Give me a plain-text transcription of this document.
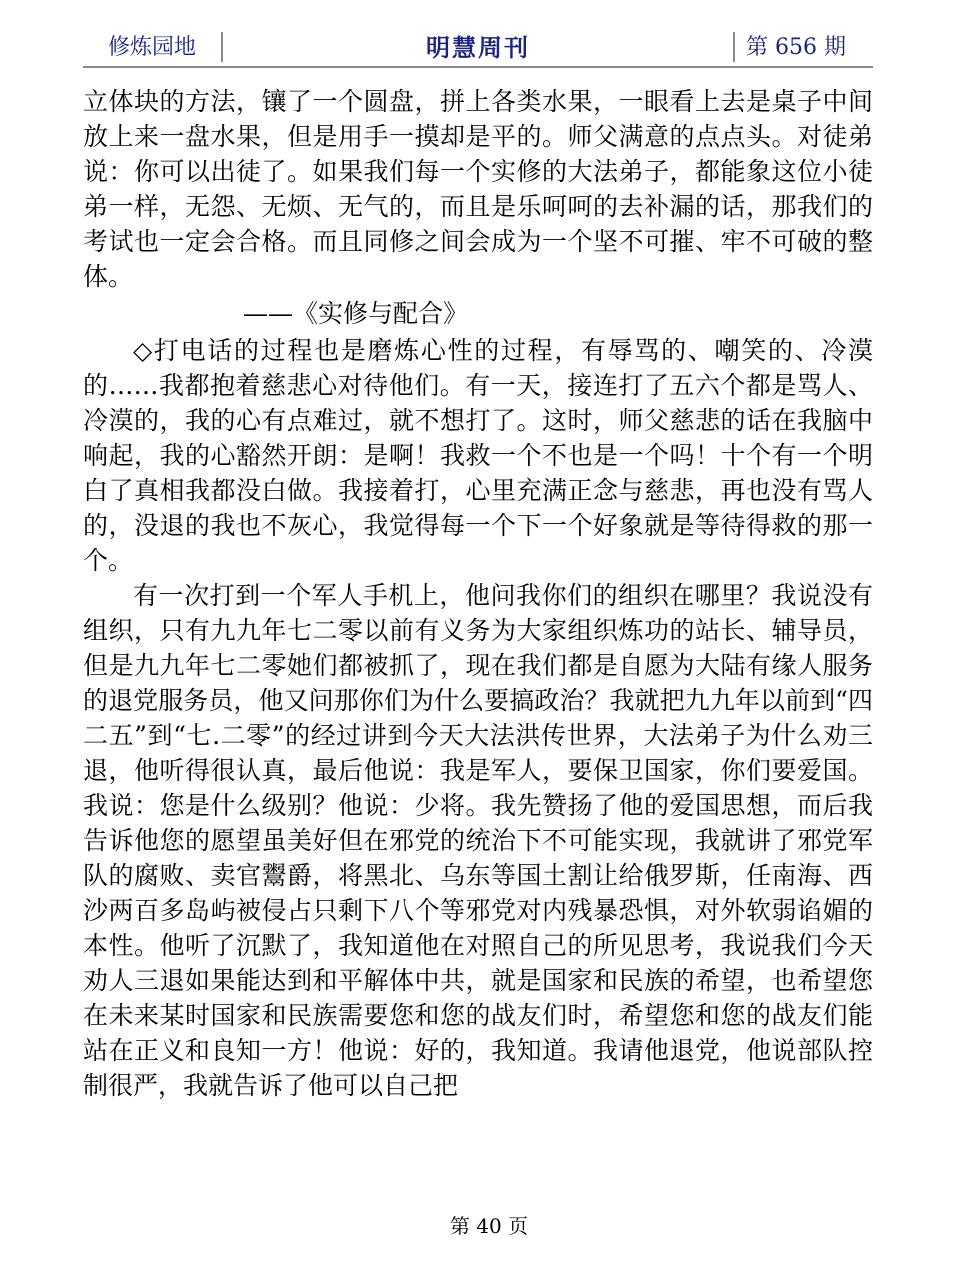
修炼园地	明慧周刊	第 656 期

立体块的方法，镶了一个圆盘，拼上各类水果，一眼看上去是桌子中间放上来一盘水果，但是用手一摸却是平的。师父满意的点点头。对徒弟说：你可以出徒了。如果我们每一个实修的大法弟子，都能象这位小徒弟一样，无怨、无烦、无气的，而且是乐呵呵的去补漏的话，那我们的考试也一定会合格。而且同修之间会成为一个坚不可摧、牢不可破的整体。

——《实修与配合》

◇打电话的过程也是磨炼心性的过程，有辱骂的、嘲笑的、冷漠的……我都抱着慈悲心对待他们。有一天，接连打了五六个都是骂人、冷漠的，我的心有点难过，就不想打了。这时，师父慈悲的话在我脑中响起，我的心豁然开朗：是啊！我救一个不也是一个吗！十个有一个明白了真相我都没白做。我接着打，心里充满正念与慈悲，再也没有骂人的，没退的我也不灰心，我觉得每一个下一个好象就是等待得救的那一个。

有一次打到一个军人手机上，他问我你们的组织在哪里？我说没有组织，只有九九年七二零以前有义务为大家组织炼功的站长、辅导员，但是九九年七二零她们都被抓了，现在我们都是自愿为大陆有缘人服务的退党服务员，他又问那你们为什么要搞政治？我就把九九年以前到“四二五”到“七.二零”的经过讲到今天大法洪传世界，大法弟子为什么劝三退，他听得很认真，最后他说：我是军人，要保卫国家，你们要爱国。我说：您是什么级别？他说：少将。我先赞扬了他的爱国思想，而后我告诉他您的愿望虽美好但在邪党的统治下不可能实现，我就讲了邪党军队的腐败、卖官鬻爵，将黑北、乌东等国土割让给俄罗斯，任南海、西沙两百多岛屿被侵占只剩下八个等邪党对内残暴恐惧，对外软弱谄媚的本性。他听了沉默了，我知道他在对照自己的所见思考，我说我们今天劝人三退如果能达到和平解体中共，就是国家和民族的希望，也希望您在未来某时国家和民族需要您和您的战友们时，希望您和您的战友们能站在正义和良知一方！他说：好的，我知道。我请他退党，他说部队控制很严，我就告诉了他可以自己把

第 40 页
